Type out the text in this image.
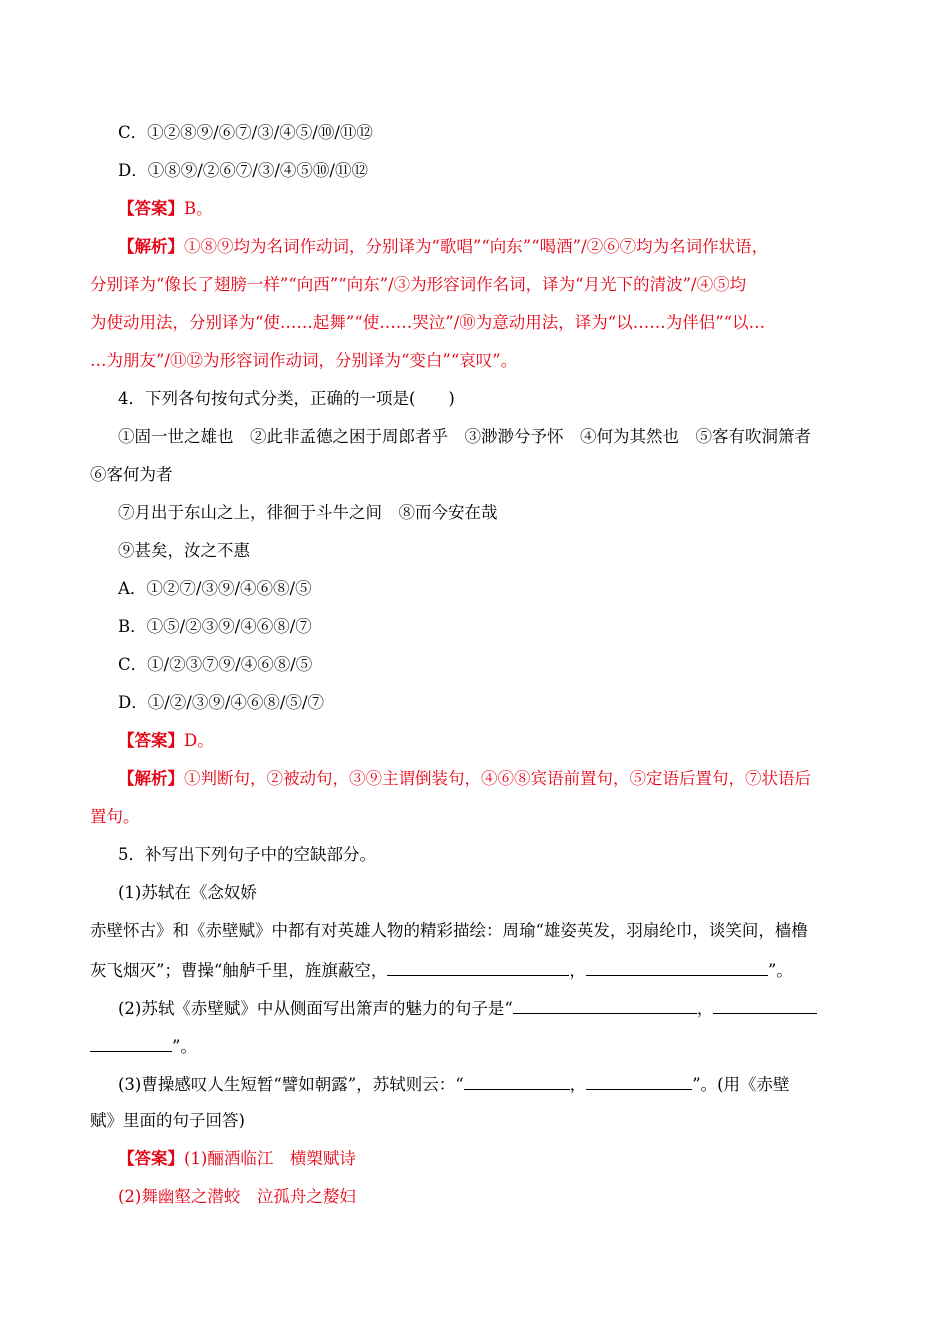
C．①②⑧⑨/⑥⑦/③/④⑤/⑩/⑪⑫
D．①⑧⑨/②⑥⑦/③/④⑤⑩/⑪⑫
【答案】B。
【解析】①⑧⑨均为名词作动词，分别译为“歌唱”“向东”“喝酒”/②⑥⑦均为名词作状语，
分别译为“像长了翅膀一样”“向西”“向东”/③为形容词作名词，译为“月光下的清波”/④⑤均
为使动用法，分别译为“使……起舞”“使……哭泣”/⑩为意动用法，译为“以……为伴侣”“以…
…为朋友”/⑪⑫为形容词作动词，分别译为“变白”“哀叹”。
4．下列各句按句式分类，正确的一项是(　　)
①固一世之雄也　②此非孟德之困于周郎者乎　③渺渺兮予怀　④何为其然也　⑤客有吹洞箫者
⑥客何为者
⑦月出于东山之上，徘徊于斗牛之间　⑧而今安在哉
⑨甚矣，汝之不惠
A．①②⑦/③⑨/④⑥⑧/⑤
B．①⑤/②③⑨/④⑥⑧/⑦
C．①/②③⑦⑨/④⑥⑧/⑤
D．①/②/③⑨/④⑥⑧/⑤/⑦
【答案】D。
【解析】①判断句，②被动句，③⑨主谓倒装句，④⑥⑧宾语前置句，⑤定语后置句，⑦状语后
置句。
5．补写出下列句子中的空缺部分。
(1)苏轼在《念奴娇
赤壁怀古》和《赤壁赋》中都有对英雄人物的精彩描绘：周瑜“雄姿英发，羽扇纶巾，谈笑间，樯橹
灰飞烟灭”；曹操“舳舻千里，旌旗蔽空，	，	”。
(2)苏轼《赤壁赋》中从侧面写出箫声的魅力的句子是“	，
”。
(3)曹操感叹人生短暂“譬如朝露”，苏轼则云：“	，	”。(用《赤壁
赋》里面的句子回答)
【答案】(1)酾酒临江　横槊赋诗
(2)舞幽壑之潜蛟　泣孤舟之嫠妇
